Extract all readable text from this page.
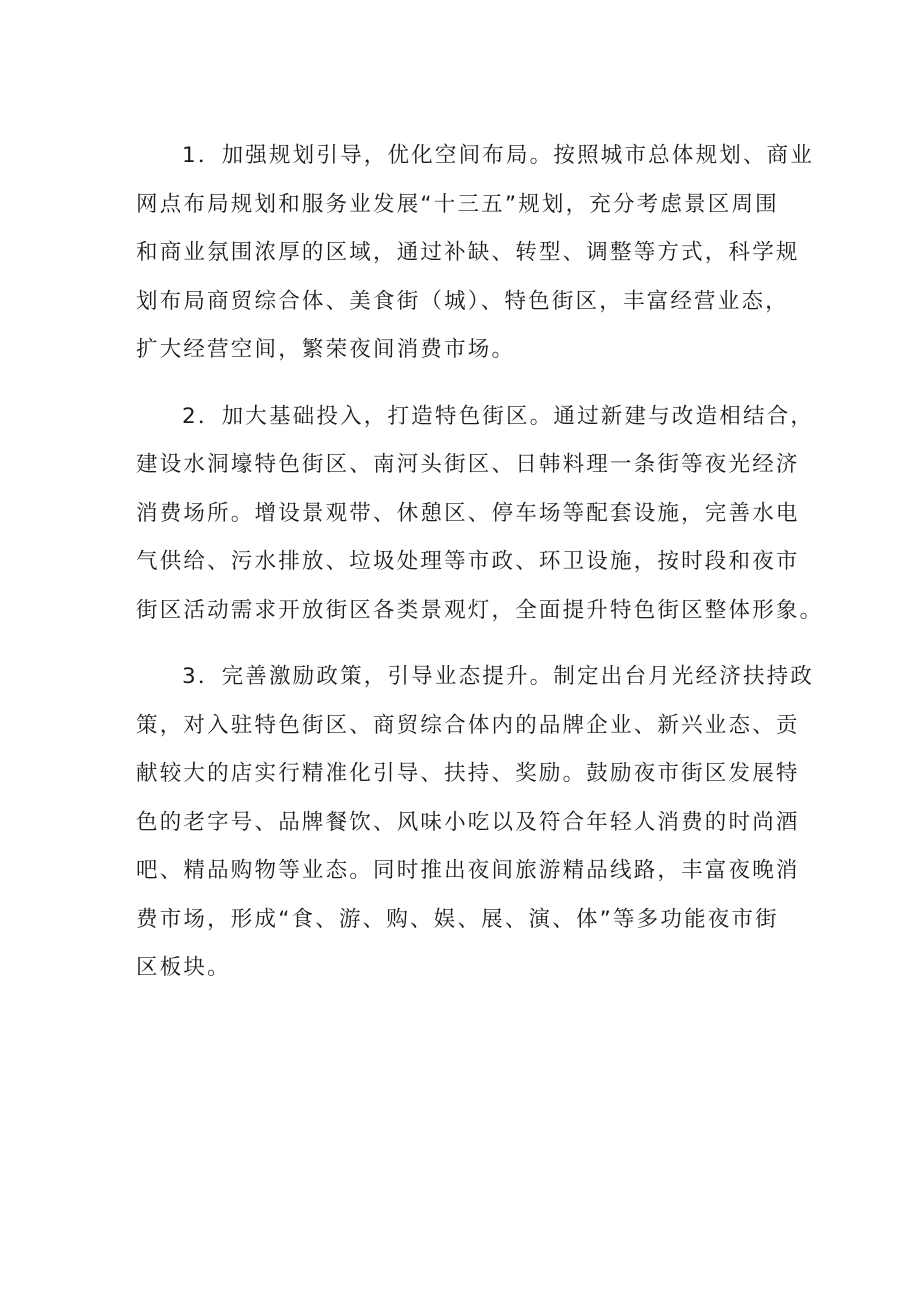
1．加强规划引导，优化空间布局。按照城市总体规划、商业
网点布局规划和服务业发展“十三五”规划，充分考虑景区周围
和商业氛围浓厚的区域，通过补缺、转型、调整等方式，科学规
划布局商贸综合体、美食街（城）、特色街区，丰富经营业态，
扩大经营空间，繁荣夜间消费市场。
2．加大基础投入，打造特色街区。通过新建与改造相结合，
建设水洞壕特色街区、南河头街区、日韩料理一条街等夜光经济
消费场所。增设景观带、休憩区、停车场等配套设施，完善水电
气供给、污水排放、垃圾处理等市政、环卫设施，按时段和夜市
街区活动需求开放街区各类景观灯，全面提升特色街区整体形象。
3．完善激励政策，引导业态提升。制定出台月光经济扶持政
策，对入驻特色街区、商贸综合体内的品牌企业、新兴业态、贡
献较大的店实行精准化引导、扶持、奖励。鼓励夜市街区发展特
色的老字号、品牌餐饮、风味小吃以及符合年轻人消费的时尚酒
吧、精品购物等业态。同时推出夜间旅游精品线路，丰富夜晚消
费市场，形成“食、游、购、娱、展、演、体”等多功能夜市街
区板块。
